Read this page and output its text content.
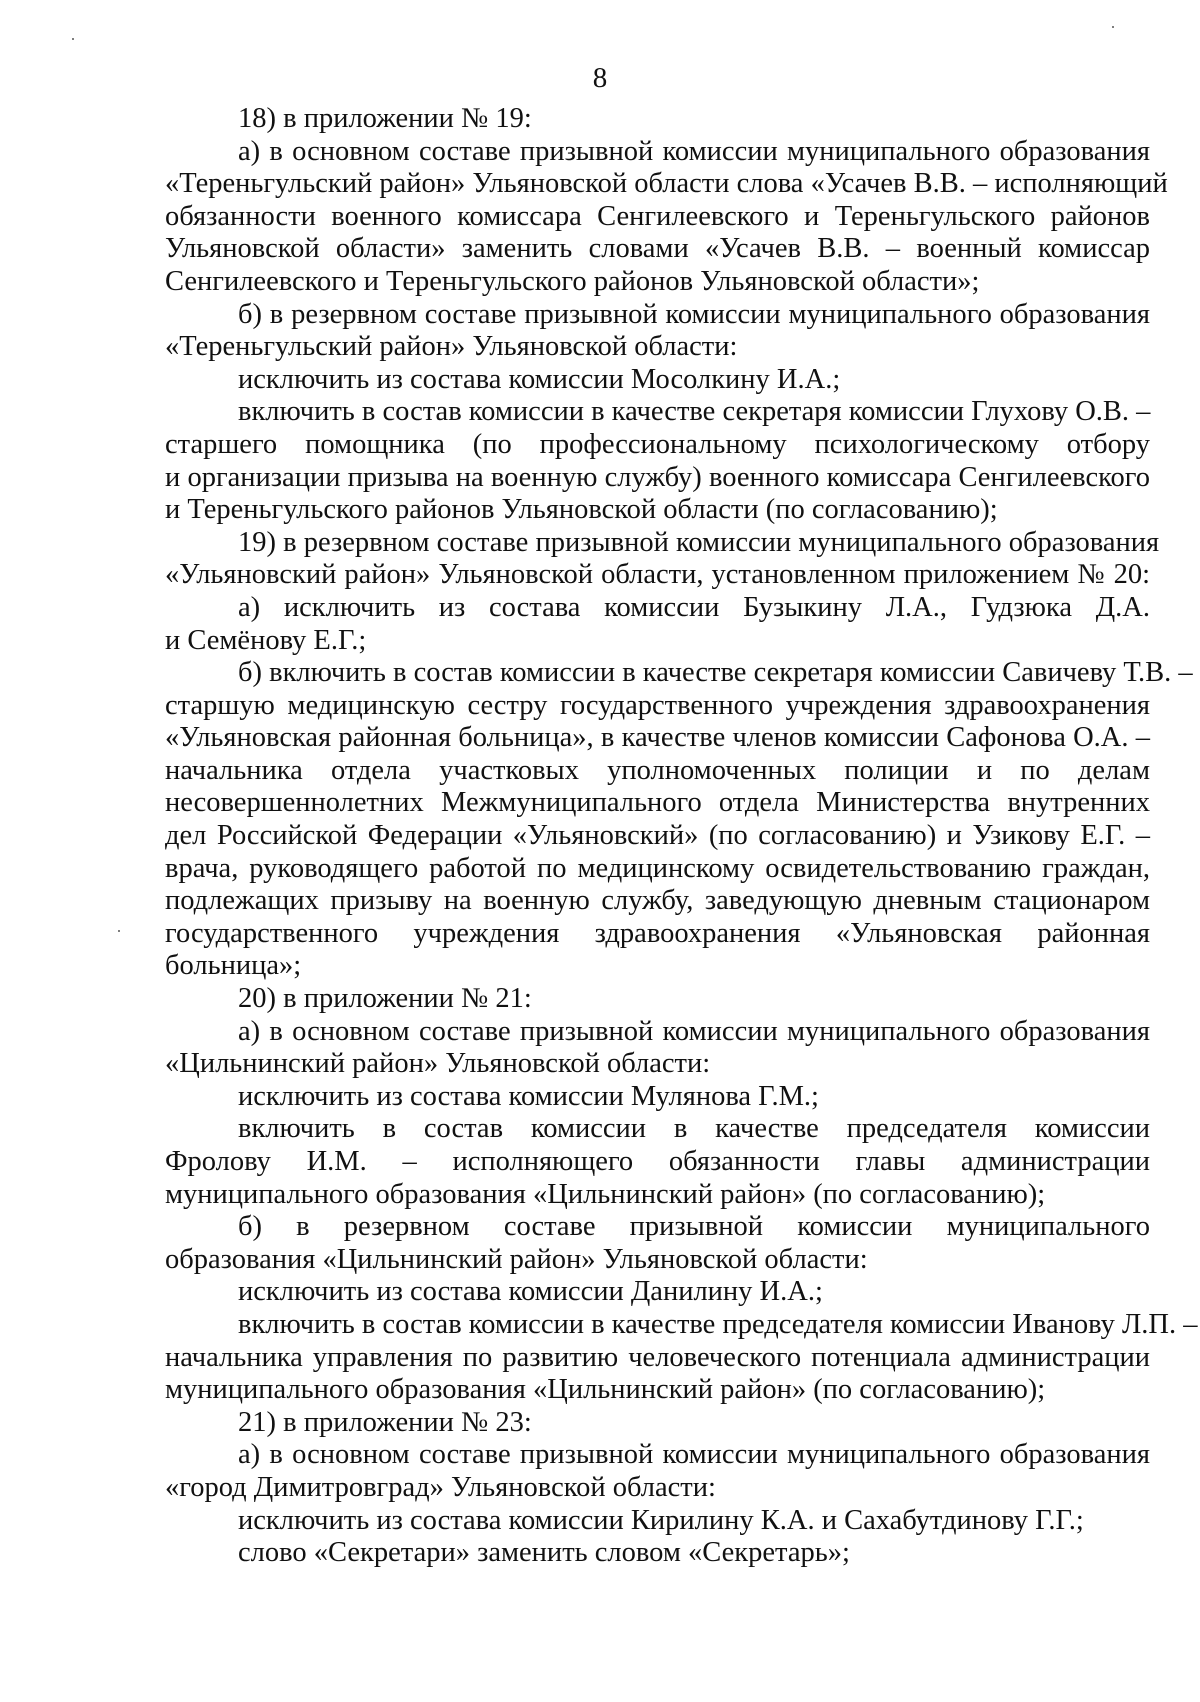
8
18) в приложении № 19:
а) в основном составе призывной комиссии муниципального образования
«Тереньгульский район» Ульяновской области слова «Усачев В.В. – исполняющий
обязанности военного комиссара Сенгилеевского и Тереньгульского районов
Ульяновской области» заменить словами «Усачев В.В. – военный комиссар
Сенгилеевского и Тереньгульского районов Ульяновской области»;
б) в резервном составе призывной комиссии муниципального образования
«Тереньгульский район» Ульяновской области:
исключить из состава комиссии Мосолкину И.А.;
включить в состав комиссии в качестве секретаря комиссии Глухову О.В. –
старшего помощника (по профессиональному психологическому отбору
и организации призыва на военную службу) военного комиссара Сенгилеевского
и Тереньгульского районов Ульяновской области (по согласованию);
19) в резервном составе призывной комиссии муниципального образования
«Ульяновский район» Ульяновской области, установленном приложением № 20:
а) исключить из состава комиссии Бузыкину Л.А., Гудзюка Д.А.
и Семёнову Е.Г.;
б) включить в состав комиссии в качестве секретаря комиссии Савичеву Т.В. –
старшую медицинскую сестру государственного учреждения здравоохранения
«Ульяновская районная больница», в качестве членов комиссии Сафонова О.А. –
начальника отдела участковых уполномоченных полиции и по делам
несовершеннолетних Межмуниципального отдела Министерства внутренних
дел Российской Федерации «Ульяновский» (по согласованию) и Узикову Е.Г. –
врача, руководящего работой по медицинскому освидетельствованию граждан,
подлежащих призыву на военную службу, заведующую дневным стационаром
государственного учреждения здравоохранения «Ульяновская районная
больница»;
20) в приложении № 21:
а) в основном составе призывной комиссии муниципального образования
«Цильнинский район» Ульяновской области:
исключить из состава комиссии Мулянова Г.М.;
включить в состав комиссии в качестве председателя комиссии
Фролову И.М. – исполняющего обязанности главы администрации
муниципального образования «Цильнинский район» (по согласованию);
б) в резервном составе призывной комиссии муниципального
образования «Цильнинский район» Ульяновской области:
исключить из состава комиссии Данилину И.А.;
включить в состав комиссии в качестве председателя комиссии Иванову Л.П. –
начальника управления по развитию человеческого потенциала администрации
муниципального образования «Цильнинский район» (по согласованию);
21) в приложении № 23:
а) в основном составе призывной комиссии муниципального образования
«город Димитровград» Ульяновской области:
исключить из состава комиссии Кирилину К.А. и Сахабутдинову Г.Г.;
слово «Секретари» заменить словом «Секретарь»;
